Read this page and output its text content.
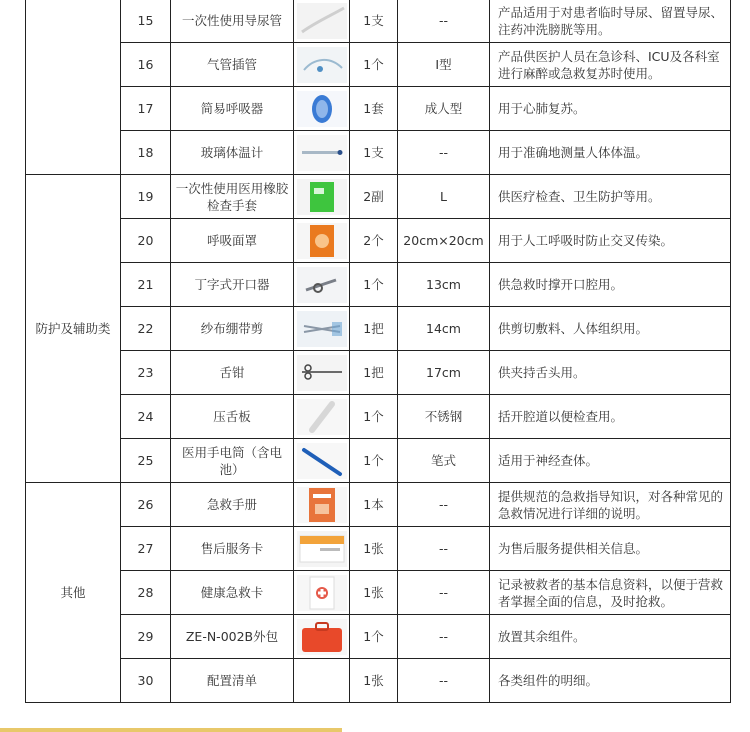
	15	一次性使用导尿管		1支	--	产品适用于对患者临时导尿、留置导尿、注药冲洗膀胱等用。
	16	气管插管		1个	Ⅰ型	产品供医护人员在急诊科、ICU及各科室进行麻醉或急救复苏时使用。
	17	简易呼吸器		1套	成人型	用于心肺复苏。
	18	玻璃体温计		1支	--	用于准确地测量人体体温。
防护及辅助类	19	一次性使用医用橡胶检查手套		2副	L	供医疗检查、卫生防护等用。
	20	呼吸面罩		2个	20cm×20cm	用于人工呼吸时防止交叉传染。
	21	丁字式开口器		1个	13cm	供急救时撑开口腔用。
	22	纱布绷带剪		1把	14cm	供剪切敷料、人体组织用。
	23	舌钳		1把	17cm	供夹持舌头用。
	24	压舌板		1个	不锈钢	括开腔道以便检查用。
	25	医用手电筒（含电池）		1个	笔式	适用于神经查体。
其他	26	急救手册		1本	--	提供规范的急救指导知识，对各种常见的急救情况进行详细的说明。
	27	售后服务卡		1张	--	为售后服务提供相关信息。
	28	健康急救卡		1张	--	记录被救者的基本信息资料，以便于营救者掌握全面的信息，及时抢救。
	29	ZE-N-002B外包		1个	--	放置其余组件。
	30	配置清单		1张	--	各类组件的明细。
